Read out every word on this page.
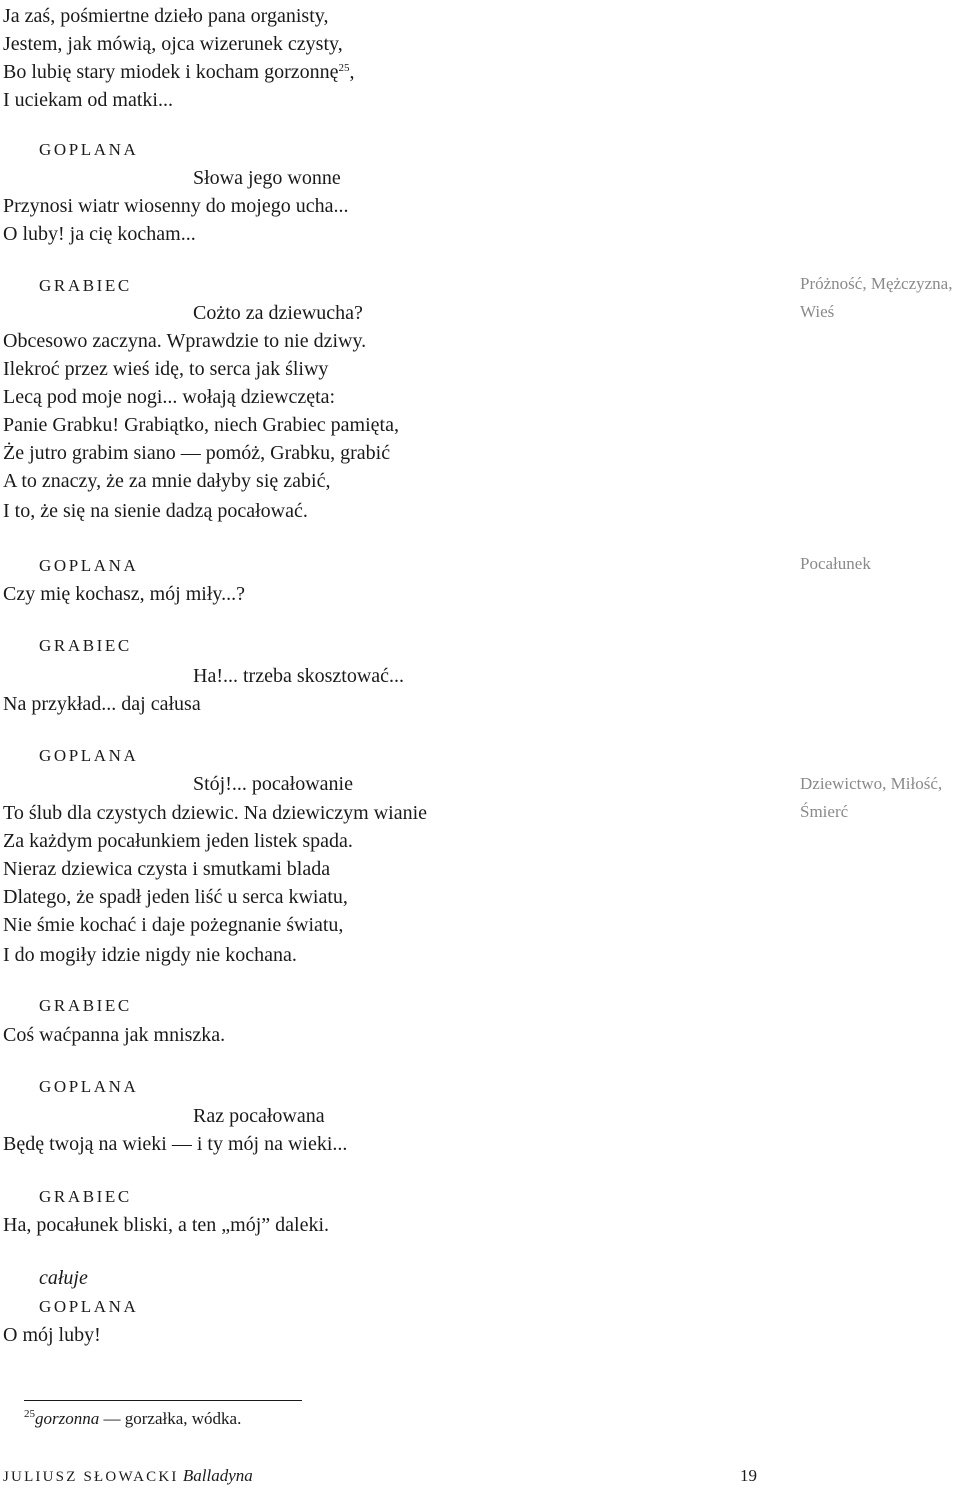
Ja zaś, pośmiertne dzieło pana organisty,

Jestem, jak mówią, ojca wizerunek czysty,

Bo lubię stary miodek i kocham gorzonnę$^{25}$,

I uciekam od matki...

GOPLANA

Słowa jego wonne

Przynosi wiatr wiosenny do mojego ucha...

O luby! ja cię kocham...

GRABIEC

Cożto za dziewucha?

Obcesowo zaczyna. Wprawdzie to nie dziwy.

Ilekroć przez wieś idę, to serca jak śliwy

Lecą pod moje nogi... wołają dziewczęta:

Panie Grabku! Grabiątko, niech Grabiec pamięta,

Że jutro grabim siano — pomóż, Grabku, grabić

A to znaczy, że za mnie dałyby się zabić,

I to, że się na sienie dadzą pocałować.

GOPLANA

Czy mię kochasz, mój miły...?

GRABIEC

Ha!... trzeba skosztować...

Na przykład... daj całusa

GOPLANA

Stój!... pocałowanie

To ślub dla czystych dziewic. Na dziewiczym wianie

Za każdym pocałunkiem jeden listek spada.

Nieraz dziewica czysta i smutkami blada

Dlatego, że spadł jeden liść u serca kwiatu,

Nie śmie kochać i daje pożegnanie światu,

I do mogiły idzie nigdy nie kochana.

GRABIEC

Coś waćpanna jak mniszka.

GOPLANA

Raz pocałowana

Będę twoją na wieki — i ty mój na wieki...

GRABIEC

Ha, pocałunek bliski, a ten „mój” daleki.

całuje

GOPLANA

O mój luby!

Próżność, Mężczyzna,

Wieś

Pocałunek

Dziewictwo, Miłość,

Śmierć

$^{25}$gorzonna — gorzałka, wódka.

JULIUSZ SŁOWACKI Balladyna	19
